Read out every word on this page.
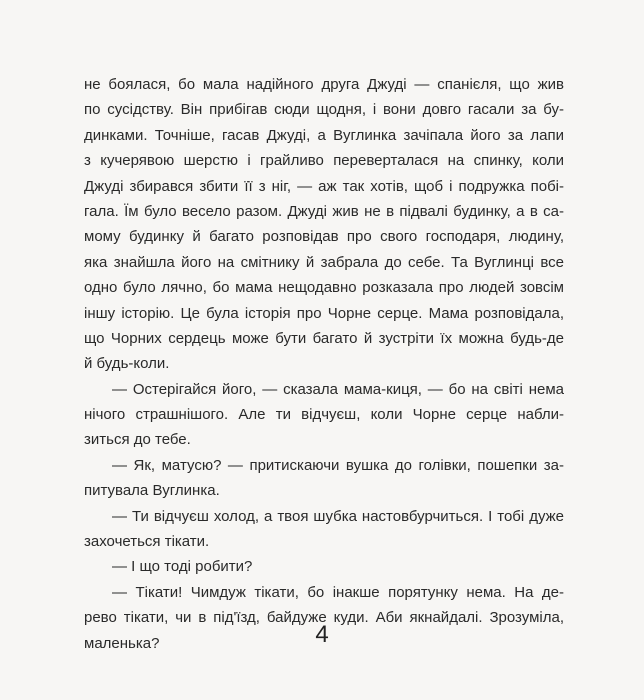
не боялася, бо мала надійного друга Джуді — спанієля, що жив
по сусідству. Він прибігав сюди щодня, і вони довго гасали за бу-
динками. Точніше, гасав Джуді, а Вуглинка зачіпала його за лапи
з кучерявою шерстю і грайливо переверталася на спинку, коли
Джуді збирався збити її з ніг, — аж так хотів, щоб і подружка побі-
гала. Їм було весело разом. Джуді жив не в підвалі будинку, а в са-
мому будинку й багато розповідав про свого господаря, людину,
яка знайшла його на смітнику й забрала до себе. Та Вуглинці все
одно було лячно, бо мама нещодавно розказала про людей зовсім
іншу історію. Це була історія про Чорне серце. Мама розповідала,
що Чорних сердець може бути багато й зустріти їх можна будь-де
й будь-коли.
— Остерігайся його, — сказала мама-киця, — бо на світі нема
нічого страшнішого. Але ти відчуєш, коли Чорне серце набли-
зиться до тебе.
— Як, матусю? — притискаючи вушка до голівки, пошепки за-
питувала Вуглинка.
— Ти відчуєш холод, а твоя шубка настовбурчиться. І тобі дуже
захочеться тікати.
— І що тоді робити?
— Тікати! Чимдуж тікати, бо інакше порятунку нема. На де-
рево тікати, чи в під'їзд, байдуже куди. Аби якнайдалі. Зрозуміла,
маленька?	4
